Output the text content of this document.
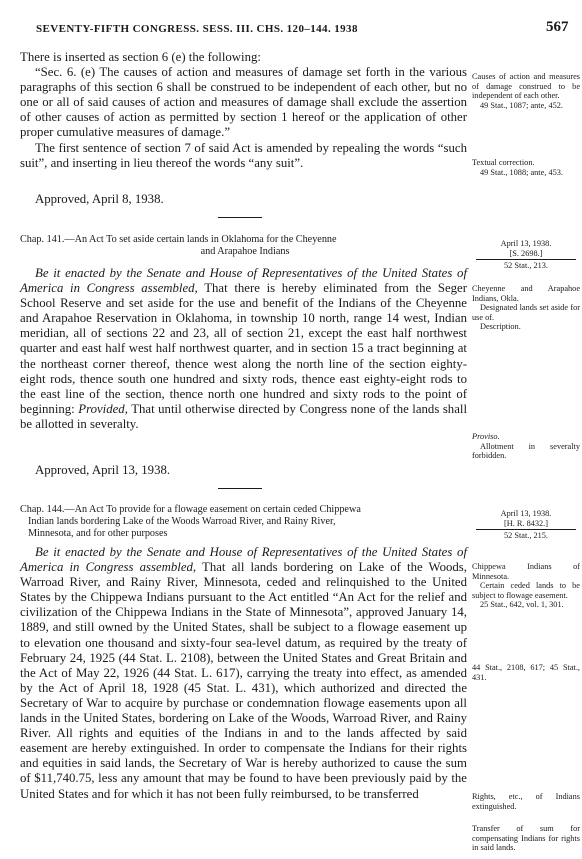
SEVENTY-FIFTH CONGRESS. SESS. III. CHS. 120–144. 1938	567

There is inserted as section 6 (e) the following:

“Sec. 6. (e) The causes of action and measures of damage set forth in the various paragraphs of this section 6 shall be construed to be independent of each other, but no one or all of said causes of action and measures of damage shall exclude the assertion of other causes of action as permitted by section 1 hereof or the application of other proper cumulative measures of damage.”

The first sentence of section 7 of said Act is amended by repealing the words “such suit”, and inserting in lieu thereof the words “any suit”.

Approved, April 8, 1938.
Chap. 141.—An Act To set aside certain lands in Oklahoma for the Cheyenne
and Arapahoe Indians

Be it enacted by the Senate and House of Representatives of the United States of America in Congress assembled, That there is hereby eliminated from the Seger School Reserve and set aside for the use and benefit of the Indians of the Cheyenne and Arapahoe Reservation in Oklahoma, in township 10 north, range 14 west, Indian meridian, all of sections 22 and 23, all of section 21, except the east half northwest quarter and east half west half northwest quarter, and in section 15 a tract beginning at the northeast corner thereof, thence west along the north line of the section eighty-eight rods, thence south one hundred and sixty rods, thence east eighty-eight rods to the east line of the section, thence north one hundred and sixty rods to the point of beginning: Provided, That until otherwise directed by Congress none of the lands shall be allotted in severalty.

Approved, April 13, 1938.
Chap. 144.—An Act To provide for a flowage easement on certain ceded Chippewa
Indian lands bordering Lake of the Woods Warroad River, and Rainy River,
Minnesota, and for other purposes

Be it enacted by the Senate and House of Representatives of the United States of America in Congress assembled, That all lands bordering on Lake of the Woods, Warroad River, and Rainy River, Minnesota, ceded and relinquished to the United States by the Chippewa Indians pursuant to the Act entitled “An Act for the relief and civilization of the Chippewa Indians in the State of Minnesota”, approved January 14, 1889, and still owned by the United States, shall be subject to a flowage easement up to elevation one thousand and sixty-four sea-level datum, as required by the treaty of February 24, 1925 (44 Stat. L. 2108), between the United States and Great Britain and the Act of May 22, 1926 (44 Stat. L. 617), carrying the treaty into effect, as amended by the Act of April 18, 1928 (45 Stat. L. 431), which authorized and directed the Secretary of War to acquire by purchase or condemnation flowage easements upon all lands in the United States, bordering on Lake of the Woods, Warroad River, and Rainy River. All rights and equities of the Indians in and to the lands affected by said easement are hereby extinguished. In order to compensate the Indians for their rights and equities in said lands, the Secretary of War is hereby authorized to cause the sum of $11,740.75, less any amount that may be found to have been previously paid by the United States and for which it has not been fully reimbursed, to be transferred

Causes of action and measures of damage construed to be independent of each other.
49 Stat., 1087; ante, 452.
Textual correction.
49 Stat., 1088; ante, 453.
April 13, 1938.
[S. 2698.]
52 Stat., 213.
Cheyenne and Arapahoe Indians, Okla.
Designated lands set aside for use of.
Description.
Proviso.
Allotment in severalty forbidden.
April 13, 1938.
[H. R. 8432.]
52 Stat., 215.
Chippewa Indians of Minnesota.
Certain ceded lands to be subject to flowage easement.
25 Stat., 642, vol. 1, 301.
44 Stat., 2108, 617; 45 Stat., 431.
Rights, etc., of Indians extinguished.
Transfer of sum for compensating Indians for rights in said lands.
